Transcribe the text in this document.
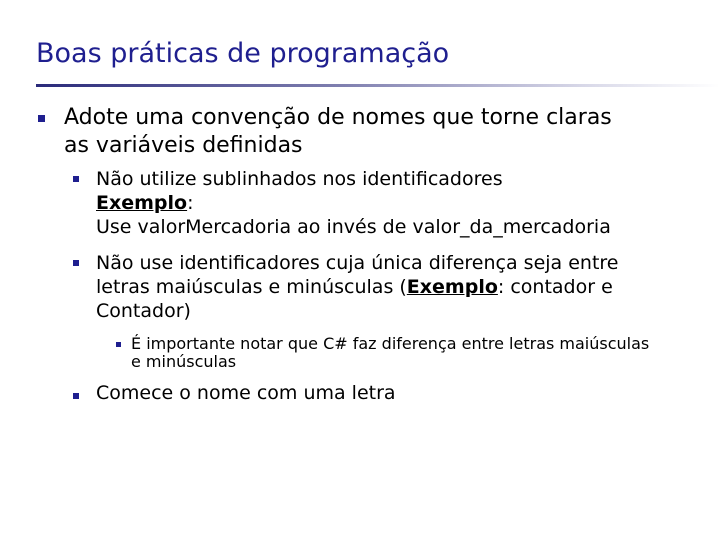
Boas práticas de programação
Adote uma convenção de nomes que torne claras
as variáveis definidas
Não utilize sublinhados nos identificadores
Exemplo:
Use valorMercadoria ao invés de valor_da_mercadoria
Não use identificadores cuja única diferença seja entre
letras maiúsculas e minúsculas (Exemplo: contador e
Contador)
É importante notar que C# faz diferença entre letras maiúsculas
e minúsculas
Comece o nome com uma letra
